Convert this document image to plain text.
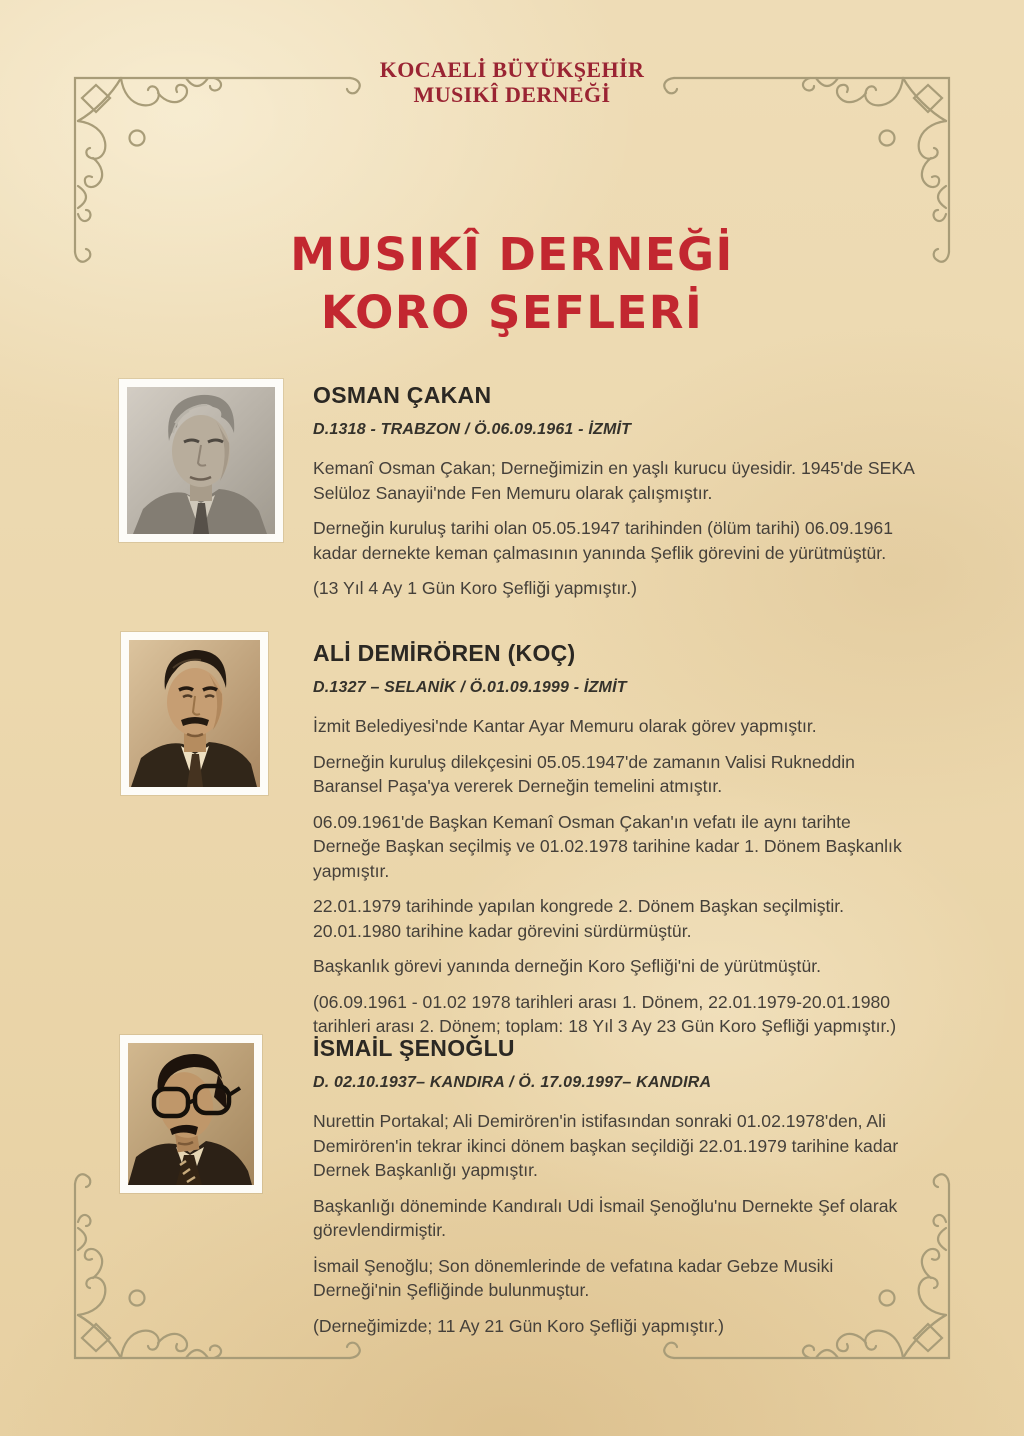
KOCAELİ BÜYÜKŞEHİR
MUSIKÎ DERNEĞİ
MUSIKÎ DERNEĞİ
KORO ŞEFLERİ
OSMAN ÇAKAN
D.1318 - TRABZON / Ö.06.09.1961 - İZMİT

Kemanî Osman Çakan; Derneğimizin en yaşlı kurucu üyesidir. 1945'de SEKA Selüloz Sanayii'nde Fen Memuru olarak çalışmıştır.

Derneğin kuruluş tarihi olan 05.05.1947 tarihinden (ölüm tarihi) 06.09.1961 kadar dernekte keman çalmasının yanında Şeflik görevini de yürütmüştür.

(13 Yıl 4 Ay 1 Gün Koro Şefliği yapmıştır.)

ALİ DEMİRÖREN (KOÇ)
D.1327 – SELANİK / Ö.01.09.1999 - İZMİT

İzmit Belediyesi'nde Kantar Ayar Memuru olarak görev yapmıştır.

Derneğin kuruluş dilekçesini 05.05.1947'de zamanın Valisi Rukneddin Baransel Paşa'ya vererek Derneğin temelini atmıştır.

06.09.1961'de Başkan Kemanî Osman Çakan'ın vefatı ile aynı tarihte Derneğe Başkan seçilmiş ve 01.02.1978 tarihine kadar 1. Dönem Başkanlık yapmıştır.

22.01.1979 tarihinde yapılan kongrede 2. Dönem Başkan seçilmiştir. 20.01.1980 tarihine kadar görevini sürdürmüştür.

Başkanlık görevi yanında derneğin Koro Şefliği'ni de yürütmüştür.

(06.09.1961 - 01.02 1978 tarihleri arası 1. Dönem, 22.01.1979-20.01.1980 tarihleri arası 2. Dönem; toplam: 18 Yıl 3 Ay 23 Gün Koro Şefliği yapmıştır.)

İSMAİL ŞENOĞLU
D. 02.10.1937– KANDIRA / Ö. 17.09.1997– KANDIRA

Nurettin Portakal; Ali Demirören'in istifasından sonraki 01.02.1978'den, Ali Demirören'in tekrar ikinci dönem başkan seçildiği 22.01.1979 tarihine kadar Dernek Başkanlığı yapmıştır.

Başkanlığı döneminde Kandıralı Udi İsmail Şenoğlu'nu Dernekte Şef olarak görevlendirmiştir.

İsmail Şenoğlu; Son dönemlerinde de vefatına kadar Gebze Musiki Derneği'nin Şefliğinde bulunmuştur.

(Derneğimizde; 11 Ay 21 Gün Koro Şefliği yapmıştır.)
